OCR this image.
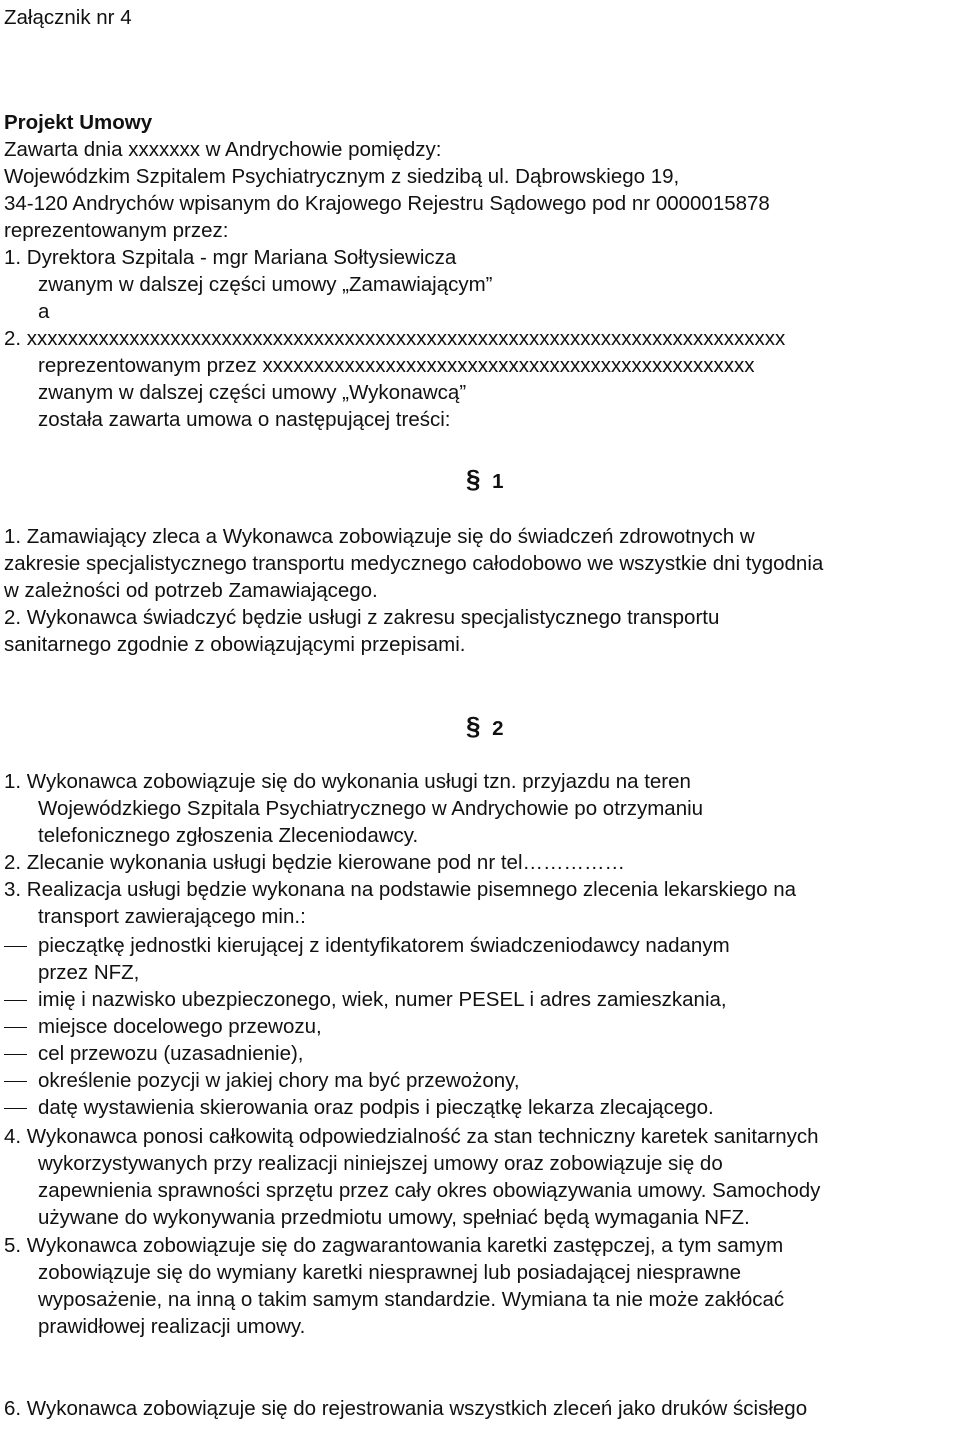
Załącznik nr 4
Projekt Umowy
Zawarta dnia xxxxxxx w Andrychowie pomiędzy:
Wojewódzkim Szpitalem Psychiatrycznym z siedzibą ul. Dąbrowskiego 19,
34-120 Andrychów wpisanym do Krajowego Rejestru Sądowego pod nr 0000015878
reprezentowanym przez:
1. Dyrektora Szpitala - mgr Mariana Sołtysiewicza
zwanym w dalszej części umowy „Zamawiającym”
a
2. xxxxxxxxxxxxxxxxxxxxxxxxxxxxxxxxxxxxxxxxxxxxxxxxxxxxxxxxxxxxxxxxxxxxxxxxxx
reprezentowanym przez xxxxxxxxxxxxxxxxxxxxxxxxxxxxxxxxxxxxxxxxxxxxxxxx
zwanym w dalszej części umowy „Wykonawcą”
została zawarta umowa o następującej treści:
§ 1
1. Zamawiający zleca a Wykonawca zobowiązuje się do świadczeń zdrowotnych w
zakresie specjalistycznego transportu medycznego całodobowo we wszystkie dni tygodnia
w zależności od potrzeb Zamawiającego.
2. Wykonawca świadczyć będzie usługi z zakresu specjalistycznego transportu
sanitarnego zgodnie z obowiązującymi przepisami.
§ 2
1. Wykonawca zobowiązuje się do wykonania usługi tzn. przyjazdu na teren
Wojewódzkiego Szpitala Psychiatrycznego w Andrychowie po otrzymaniu
telefonicznego zgłoszenia Zleceniodawcy.
2. Zlecanie wykonania usługi będzie kierowane pod nr tel……………
3. Realizacja usługi będzie wykonana na podstawie pisemnego zlecenia lekarskiego na
transport zawierającego min.:
pieczątkę jednostki kierującej z identyfikatorem świadczeniodawcy nadanym
przez NFZ,
imię i nazwisko ubezpieczonego, wiek, numer PESEL i adres zamieszkania,
miejsce docelowego przewozu,
cel przewozu (uzasadnienie),
określenie pozycji w jakiej chory ma być przewożony,
datę wystawienia skierowania oraz podpis i pieczątkę lekarza zlecającego.
4. Wykonawca ponosi całkowitą odpowiedzialność za stan techniczny karetek sanitarnych
wykorzystywanych przy realizacji niniejszej umowy oraz zobowiązuje się do
zapewnienia sprawności sprzętu przez cały okres obowiązywania umowy. Samochody
używane do wykonywania przedmiotu umowy, spełniać będą wymagania NFZ.
5. Wykonawca zobowiązuje się do zagwarantowania karetki zastępczej, a tym samym
zobowiązuje się do wymiany karetki niesprawnej lub posiadającej niesprawne
wyposażenie, na inną o takim samym standardzie. Wymiana ta nie może zakłócać
prawidłowej realizacji umowy.
6. Wykonawca zobowiązuje się do rejestrowania wszystkich zleceń jako druków ścisłego
